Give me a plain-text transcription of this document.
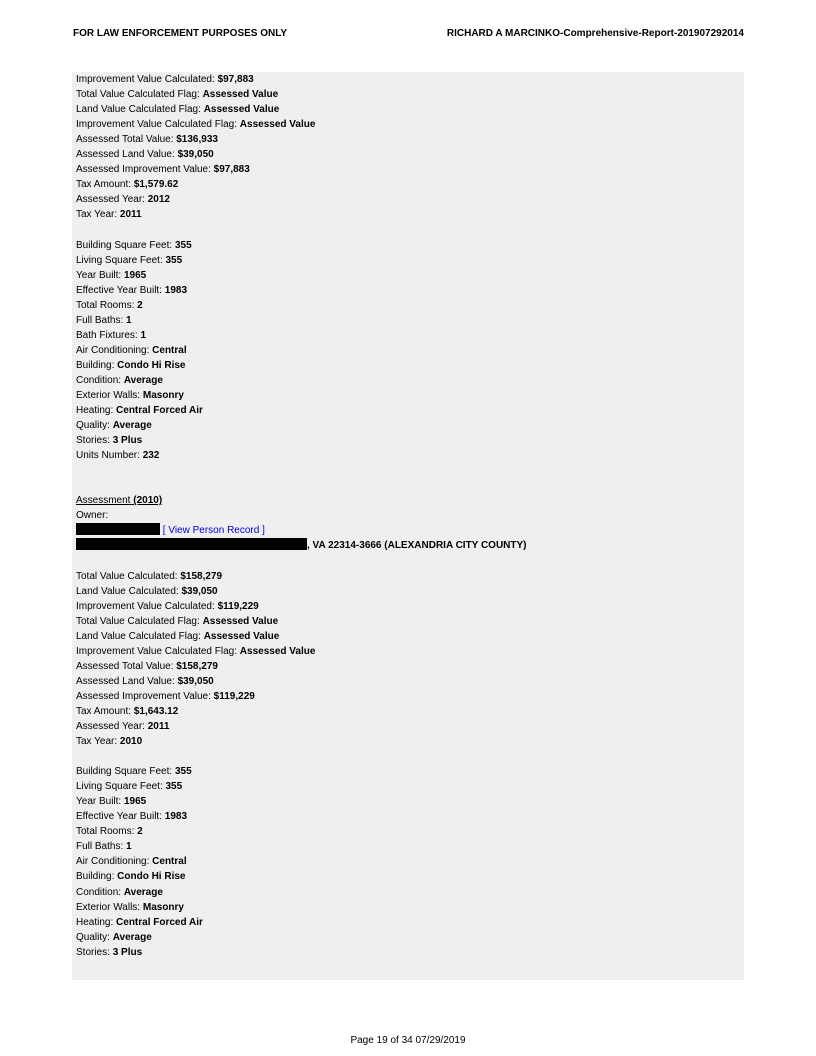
FOR LAW ENFORCEMENT PURPOSES ONLY	RICHARD A MARCINKO-Comprehensive-Report-201907292014
Improvement Value Calculated: $97,883
Total Value Calculated Flag: Assessed Value
Land Value Calculated Flag: Assessed Value
Improvement Value Calculated Flag: Assessed Value
Assessed Total Value: $136,933
Assessed Land Value: $39,050
Assessed Improvement Value: $97,883
Tax Amount: $1,579.62
Assessed Year: 2012
Tax Year: 2011
Building Square Feet: 355
Living Square Feet: 355
Year Built: 1965
Effective Year Built: 1983
Total Rooms: 2
Full Baths: 1
Bath Fixtures: 1
Air Conditioning: Central
Building: Condo Hi Rise
Condition: Average
Exterior Walls: Masonry
Heating: Central Forced Air
Quality: Average
Stories: 3 Plus
Units Number: 232
Assessment (2010)
Owner:
[ View Person Record ]
, VA 22314-3666 (ALEXANDRIA CITY COUNTY)
Total Value Calculated: $158,279
Land Value Calculated: $39,050
Improvement Value Calculated: $119,229
Total Value Calculated Flag: Assessed Value
Land Value Calculated Flag: Assessed Value
Improvement Value Calculated Flag: Assessed Value
Assessed Total Value: $158,279
Assessed Land Value: $39,050
Assessed Improvement Value: $119,229
Tax Amount: $1,643.12
Assessed Year: 2011
Tax Year: 2010
Building Square Feet: 355
Living Square Feet: 355
Year Built: 1965
Effective Year Built: 1983
Total Rooms: 2
Full Baths: 1
Air Conditioning: Central
Building: Condo Hi Rise
Condition: Average
Exterior Walls: Masonry
Heating: Central Forced Air
Quality: Average
Stories: 3 Plus
Page 19 of 34 07/29/2019
